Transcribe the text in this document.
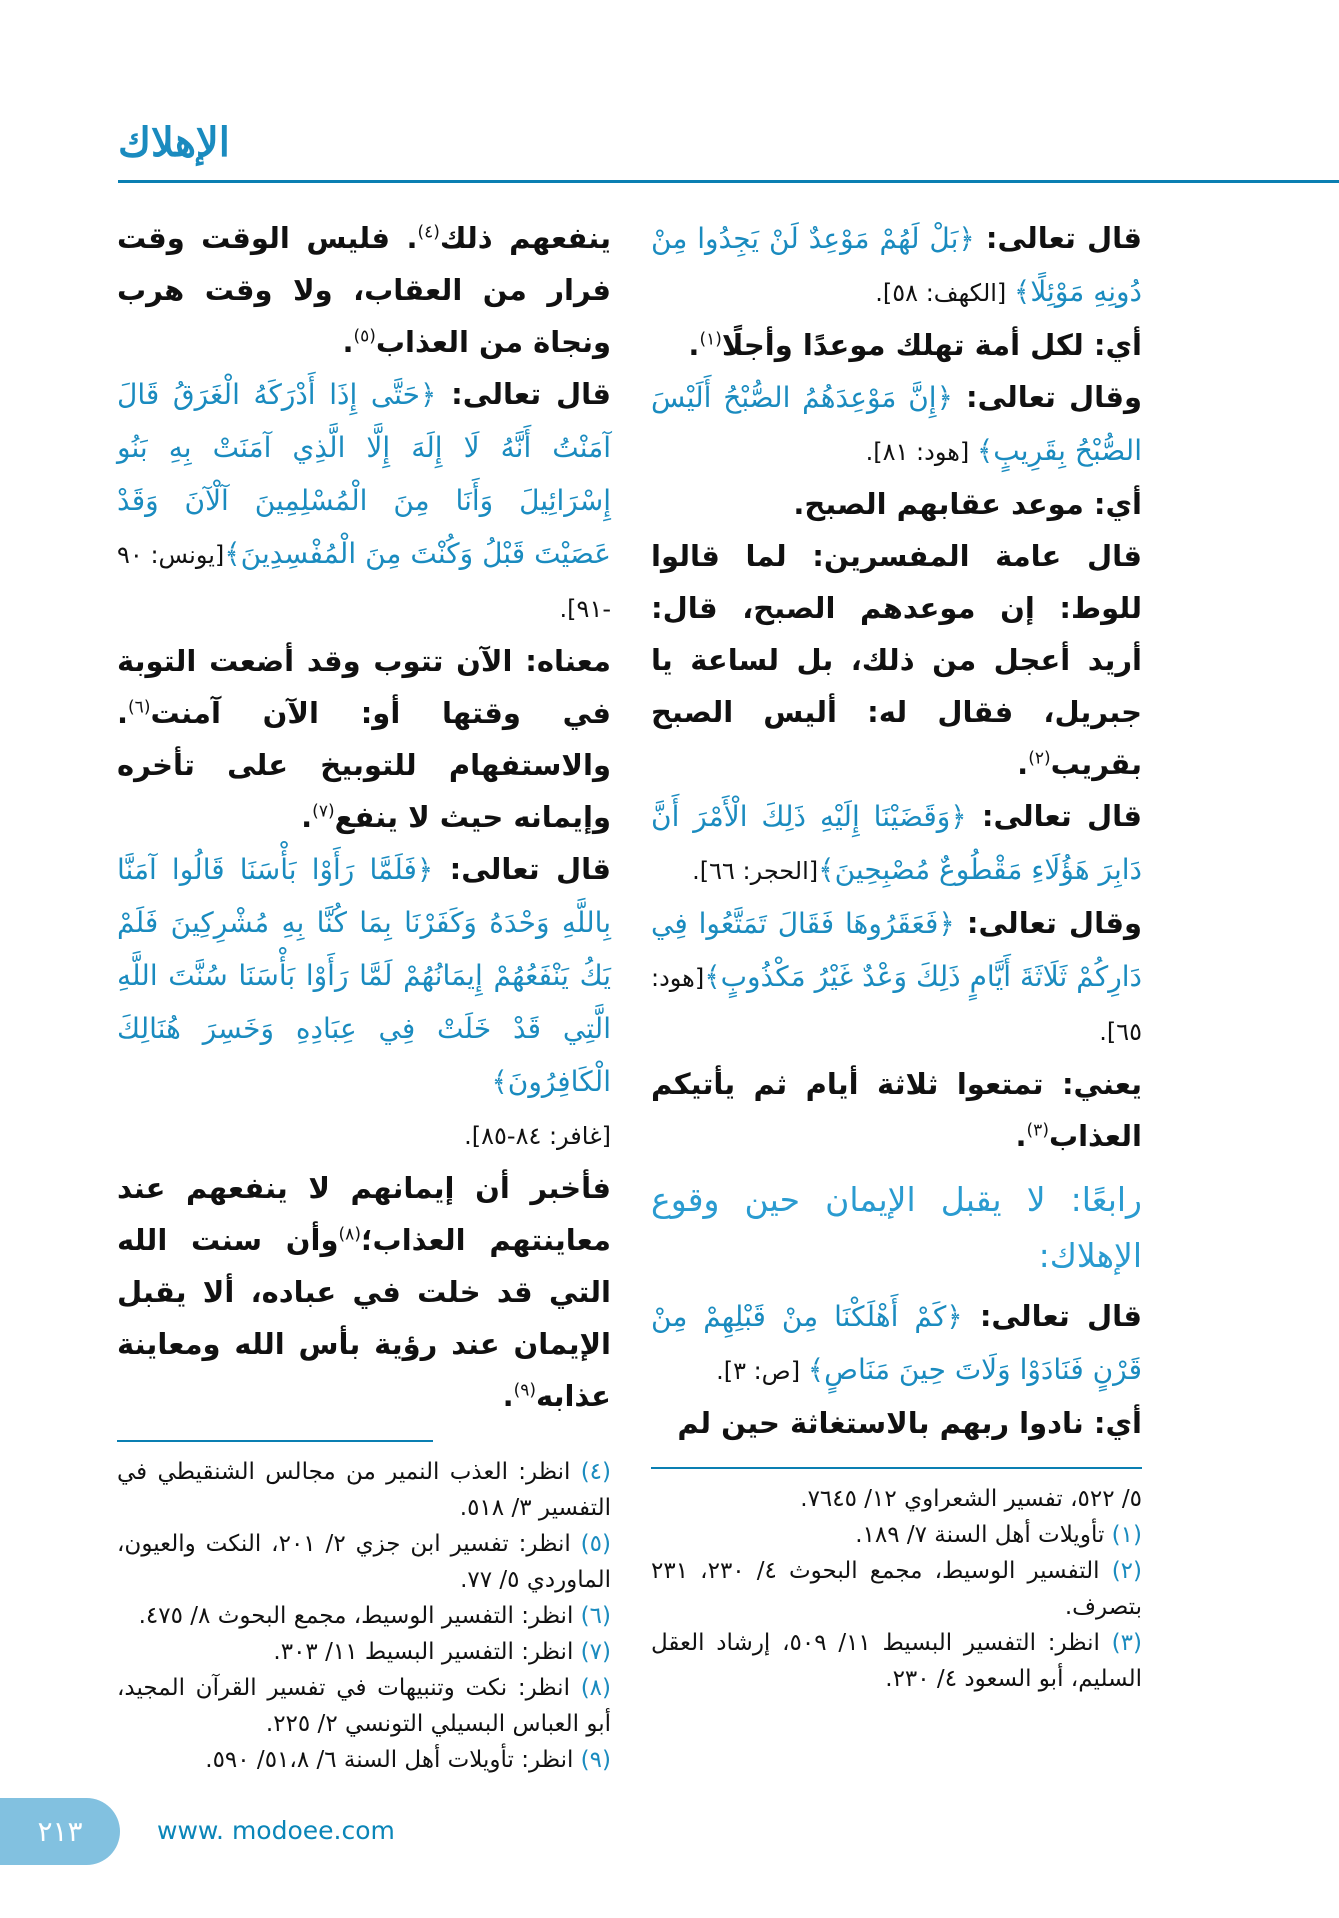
الإهلاك

قال تعالى: ﴿بَلْ لَهُمْ مَوْعِدٌ لَنْ يَجِدُوا مِنْ دُونِهِ مَوْئِلًا﴾ [الكهف: ٥٨].

أي: لكل أمة تهلك موعدًا وأجلًا$^{(١)}$.

وقال تعالى: ﴿إِنَّ مَوْعِدَهُمُ الصُّبْحُ أَلَيْسَ الصُّبْحُ بِقَرِيبٍ﴾ [هود: ٨١].

أي: موعد عقابهم الصبح.

قال عامة المفسرين: لما قالوا للوط: إن موعدهم الصبح، قال: أريد أعجل من ذلك، بل لساعة يا جبريل، فقال له: أليس الصبح بقريب$^{(٢)}$.

قال تعالى: ﴿وَقَضَيْنَا إِلَيْهِ ذَلِكَ الْأَمْرَ أَنَّ دَابِرَ هَؤُلَاءِ مَقْطُوعٌ مُصْبِحِينَ﴾[الحجر: ٦٦].

وقال تعالى: ﴿فَعَقَرُوهَا فَقَالَ تَمَتَّعُوا فِي دَارِكُمْ ثَلَاثَةَ أَيَّامٍ ذَلِكَ وَعْدٌ غَيْرُ مَكْذُوبٍ﴾[هود: ٦٥].

يعني: تمتعوا ثلاثة أيام ثم يأتيكم العذاب$^{(٣)}$.

رابعًا: لا يقبل الإيمان حين وقوع الإهلاك:

قال تعالى: ﴿كَمْ أَهْلَكْنَا مِنْ قَبْلِهِمْ مِنْ قَرْنٍ فَنَادَوْا وَلَاتَ حِينَ مَنَاصٍ﴾ [ص: ٣].

أي: نادوا ربهم بالاستغاثة حين لم

٥/ ٥٢٢، تفسير الشعراوي ١٢/ ٧٦٤٥.

(١) تأويلات أهل السنة ٧/ ١٨٩.

(٢) التفسير الوسيط، مجمع البحوث ٤/ ٢٣٠، ٢٣١ بتصرف.

(٣) انظر: التفسير البسيط ١١/ ٥٠٩، إرشاد العقل السليم، أبو السعود ٤/ ٢٣٠.

ينفعهم ذلك$^{(٤)}$. فليس الوقت وقت فرار من العقاب، ولا وقت هرب ونجاة من العذاب$^{(٥)}$.

قال تعالى: ﴿حَتَّى إِذَا أَدْرَكَهُ الْغَرَقُ قَالَ آمَنْتُ أَنَّهُ لَا إِلَهَ إِلَّا الَّذِي آمَنَتْ بِهِ بَنُو إِسْرَائِيلَ وَأَنَا مِنَ الْمُسْلِمِينَ آلْآنَ وَقَدْ عَصَيْتَ قَبْلُ وَكُنْتَ مِنَ الْمُفْسِدِينَ﴾[يونس: ٩٠ -٩١].

معناه: الآن تتوب وقد أضعت التوبة في وقتها أو: الآن آمنت$^{(٦)}$. والاستفهام للتوبيخ على تأخره وإيمانه حيث لا ينفع$^{(٧)}$.

قال تعالى: ﴿فَلَمَّا رَأَوْا بَأْسَنَا قَالُوا آمَنَّا بِاللَّهِ وَحْدَهُ وَكَفَرْنَا بِمَا كُنَّا بِهِ مُشْرِكِينَ فَلَمْ يَكُ يَنْفَعُهُمْ إِيمَانُهُمْ لَمَّا رَأَوْا بَأْسَنَا سُنَّتَ اللَّهِ الَّتِي قَدْ خَلَتْ فِي عِبَادِهِ وَخَسِرَ هُنَالِكَ الْكَافِرُونَ﴾

[غافر: ٨٤-٨٥].

فأخبر أن إيمانهم لا ينفعهم عند معاينتهم العذاب؛$^{(٨)}$وأن سنت الله التي قد خلت في عباده، ألا يقبل الإيمان عند رؤية بأس الله ومعاينة عذابه$^{(٩)}$.

(٤) انظر: العذب النمير من مجالس الشنقيطي في التفسير ٣/ ٥١٨.

(٥) انظر: تفسير ابن جزي ٢/ ٢٠١، النكت والعيون، الماوردي ٥/ ٧٧.

(٦) انظر: التفسير الوسيط، مجمع البحوث ٨/ ٤٧٥.

(٧) انظر: التفسير البسيط ١١/ ٣٠٣.

(٨) انظر: نكت وتنبيهات في تفسير القرآن المجيد، أبو العباس البسيلي التونسي ٢/ ٢٢٥.

(٩) انظر: تأويلات أهل السنة ٦/ ٥١،٨/ ٥٩٠.

٢١٣	www. modoee.com
